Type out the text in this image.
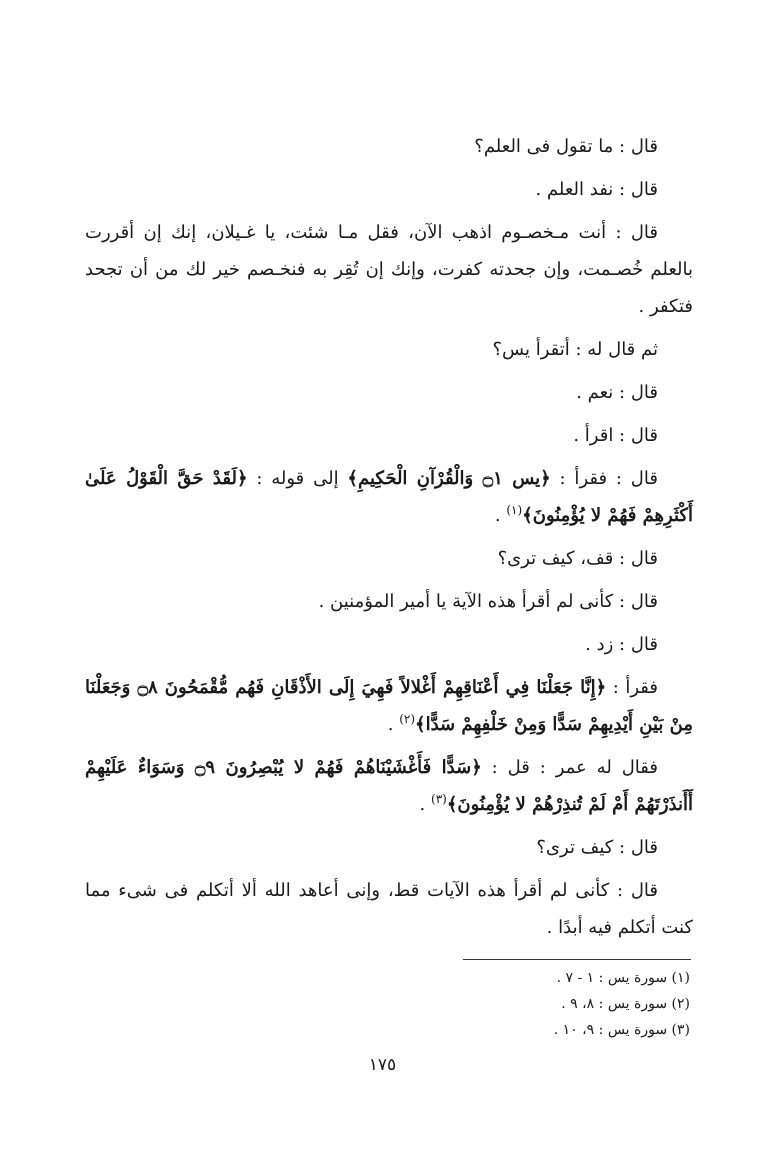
قال : ما تقول فى العلم؟

قال : نفد العلم .

قال : أنت مـخصـوم اذهب الآن، فقل مـا شئت، يا غـيلان، إنك إن أقررت بالعلم خُصـمت، وإن جحدته كفرت، وإنك إن تُقِر به فنخـصم خير لك من أن تجحد فتكفر .

ثم قال له : أتقرأ يس؟

قال : نعم .

قال : اقرأ .

قال : فقرأ : ﴿يس ۝١ وَالْقُرْآنِ الْحَكِيمِ﴾ إلى قوله : ﴿لَقَدْ حَقَّ الْقَوْلُ عَلَىٰ أَكْثَرِهِمْ فَهُمْ لا يُؤْمِنُونَ﴾$^{(١)}$ .

قال : قف، كيف ترى؟

قال : كأنى لم أقرأ هذه الآية يا أمير المؤمنين .

قال : زد .

فقرأ : ﴿إِنَّا جَعَلْنَا فِي أَعْنَاقِهِمْ أَغْلالاً فَهِيَ إِلَى الأَذْقَانِ فَهُم مُّقْمَحُونَ ۝٨ وَجَعَلْنَا مِنْ بَيْنِ أَيْدِيهِمْ سَدًّا وَمِنْ خَلْفِهِمْ سَدًّا﴾$^{(٢)}$ .

فقال له عمر : قل : ﴿سَدًّا فَأَغْشَيْنَاهُمْ فَهُمْ لا يُبْصِرُونَ ۝٩ وَسَوَاءٌ عَلَيْهِمْ أَأَنذَرْتَهُمْ أَمْ لَمْ تُنذِرْهُمْ لا يُؤْمِنُونَ﴾$^{(٣)}$ .

قال : كيف ترى؟

قال : كأنى لم أقرأ هذه الآيات قط، وإنى أعاهد الله ألا أتكلم فى شىء مما كنت أتكلم فيه أبدًا .

(١) سورة يس : ١ - ٧ .
(٢) سورة يس : ٨، ٩ .
(٣) سورة يس : ٩، ١٠ .
١٧٥
